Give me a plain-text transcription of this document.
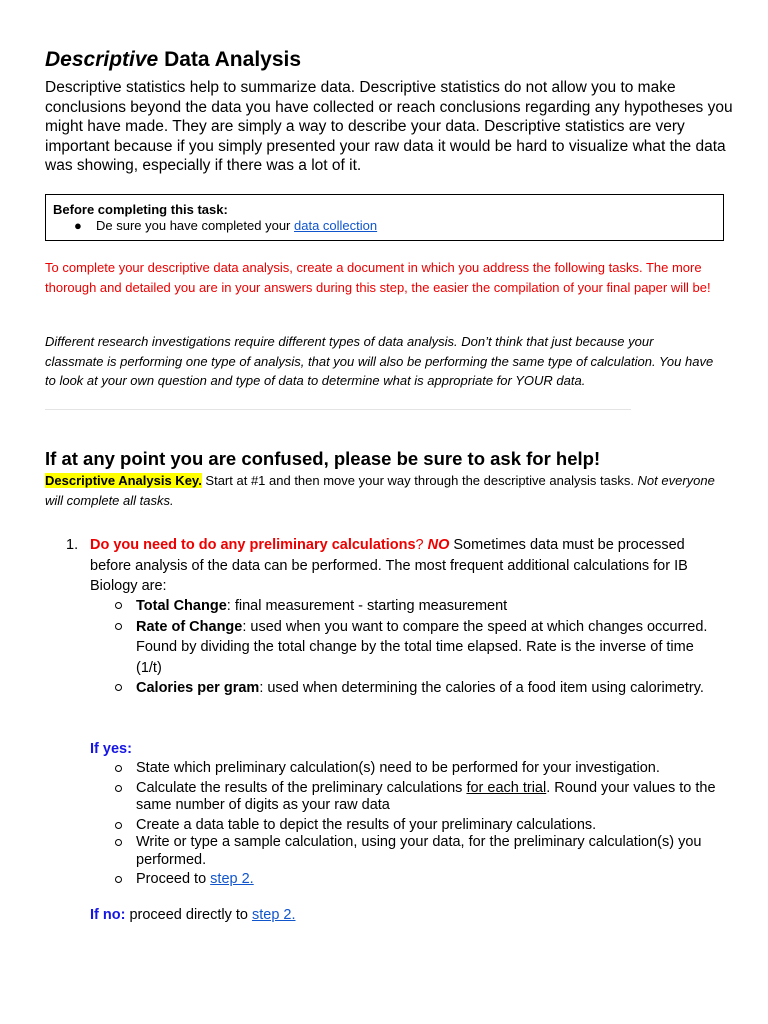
Descriptive Data Analysis
Descriptive statistics help to summarize data. Descriptive statistics do not allow you to make conclusions beyond the data you have collected or reach conclusions regarding any hypotheses you might have made. They are simply a way to describe your data. Descriptive statistics are very important because if you simply presented your raw data it would be hard to visualize what the data was showing, especially if there was a lot of it.
Before completing this task:
● De sure you have completed your data collection
To complete your descriptive data analysis, create a document in which you address the following tasks. The more thorough and detailed you are in your answers during this step, the easier the compilation of your final paper will be!
Different research investigations require different types of data analysis. Don’t think that just because your classmate is performing one type of analysis, that you will also be performing the same type of calculation. You have to look at your own question and type of data to determine what is appropriate for YOUR data.
If at any point you are confused, please be sure to ask for help!
Descriptive Analysis Key. Start at #1 and then move your way through the descriptive analysis tasks. Not everyone will complete all tasks.
1. Do you need to do any preliminary calculations? NO Sometimes data must be processed before analysis of the data can be performed. The most frequent additional calculations for IB Biology are:
Total Change: final measurement - starting measurement
Rate of Change: used when you want to compare the speed at which changes occurred. Found by dividing the total change by the total time elapsed. Rate is the inverse of time (1/t)
Calories per gram: used when determining the calories of a food item using calorimetry.
If yes:
State which preliminary calculation(s) need to be performed for your investigation.
Calculate the results of the preliminary calculations for each trial. Round your values to the same number of digits as your raw data
Create a data table to depict the results of your preliminary calculations.
Write or type a sample calculation, using your data, for the preliminary calculation(s) you performed.
Proceed to step 2.
If no: proceed directly to step 2.
